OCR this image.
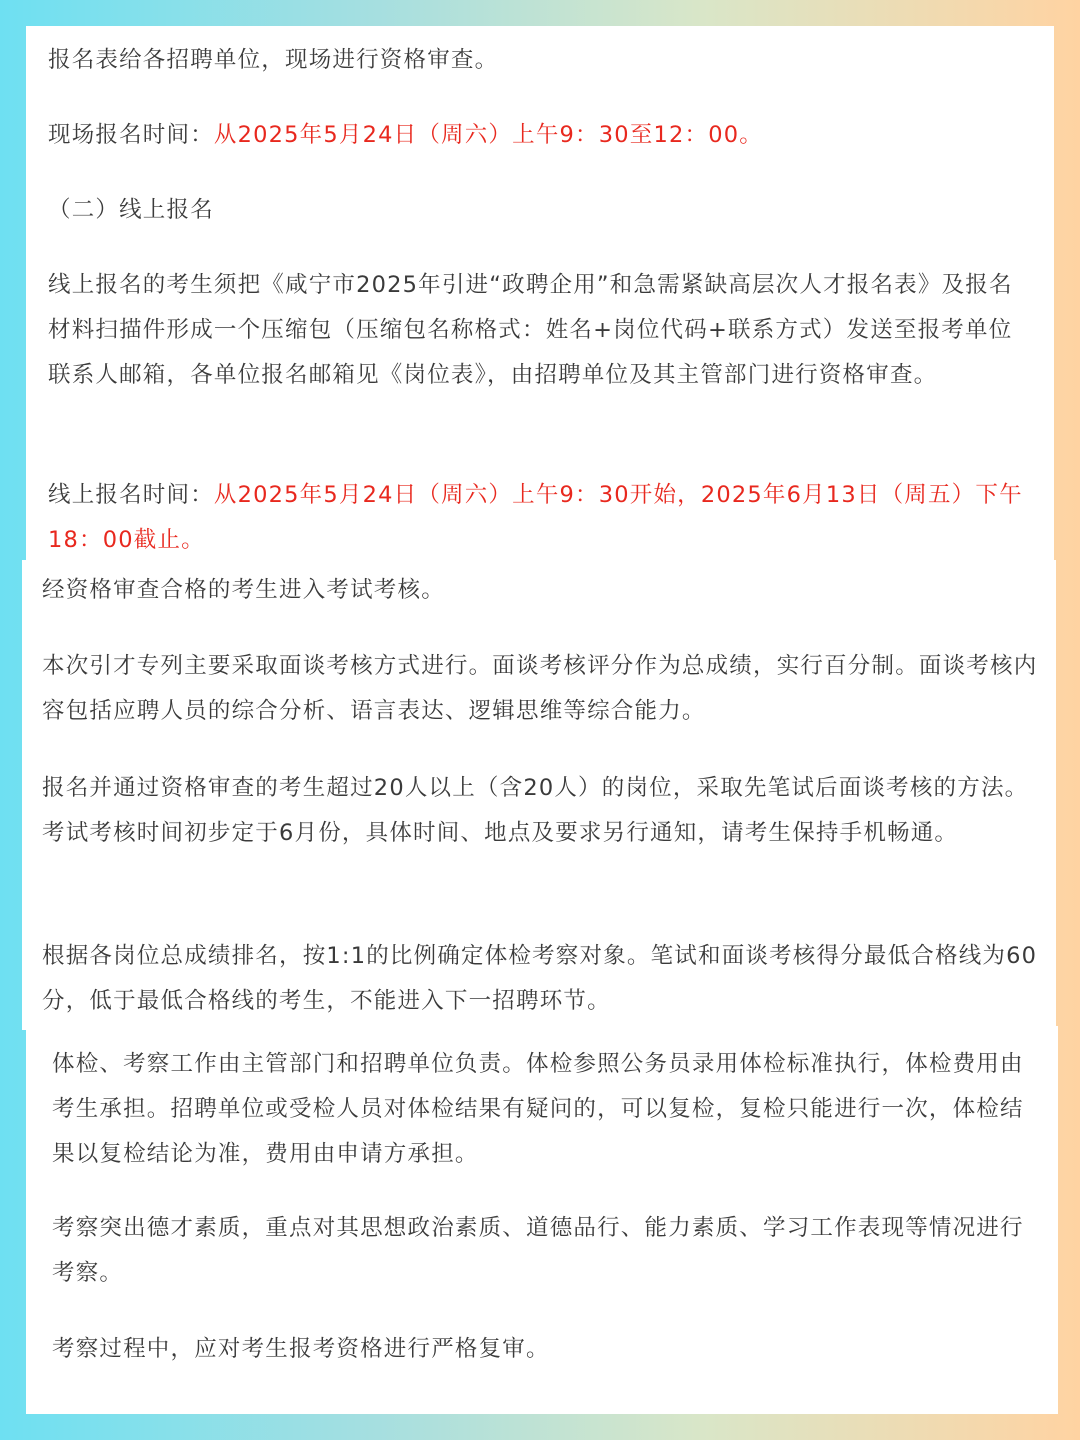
报名表给各招聘单位，现场进行资格审查。

现场报名时间：从2025年5月24日（周六）上午9：30至12：00。

（二）线上报名

线上报名的考生须把《咸宁市2025年引进“政聘企用”和急需紧缺高层次人才报名表》及报名材料扫描件形成一个压缩包（压缩包名称格式：姓名+岗位代码+联系方式）发送至报考单位联系人邮箱，各单位报名邮箱见《岗位表》，由招聘单位及其主管部门进行资格审查。

线上报名时间：从2025年5月24日（周六）上午9：30开始，2025年6月13日（周五）下午18：00截止。

经资格审查合格的考生进入考试考核。

本次引才专列主要采取面谈考核方式进行。面谈考核评分作为总成绩，实行百分制。面谈考核内容包括应聘人员的综合分析、语言表达、逻辑思维等综合能力。

报名并通过资格审查的考生超过20人以上（含20人）的岗位，采取先笔试后面谈考核的方法。考试考核时间初步定于6月份，具体时间、地点及要求另行通知，请考生保持手机畅通。

根据各岗位总成绩排名，按1:1的比例确定体检考察对象。笔试和面谈考核得分最低合格线为60分，低于最低合格线的考生，不能进入下一招聘环节。

体检、考察工作由主管部门和招聘单位负责。体检参照公务员录用体检标准执行，体检费用由考生承担。招聘单位或受检人员对体检结果有疑问的，可以复检，复检只能进行一次，体检结果以复检结论为准，费用由申请方承担。

考察突出德才素质，重点对其思想政治素质、道德品行、能力素质、学习工作表现等情况进行考察。

考察过程中，应对考生报考资格进行严格复审。
